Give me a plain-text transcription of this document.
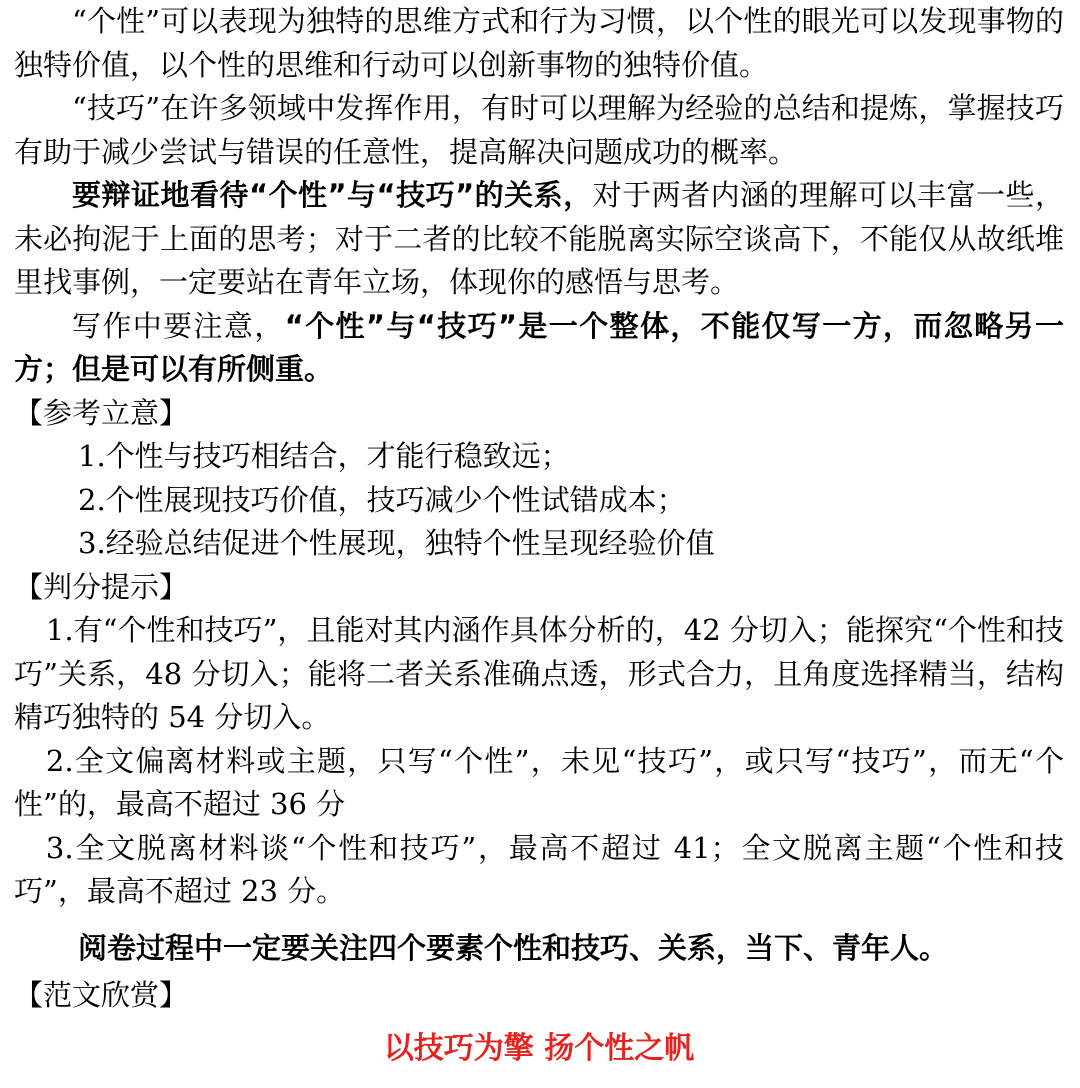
“个性”可以表现为独特的思维方式和行为习惯，以个性的眼光可以发现事物的独特价值，以个性的思维和行动可以创新事物的独特价值。

“技巧”在许多领域中发挥作用，有时可以理解为经验的总结和提炼，掌握技巧有助于减少尝试与错误的任意性，提高解决问题成功的概率。

要辩证地看待“个性”与“技巧”的关系，对于两者内涵的理解可以丰富一些，未必拘泥于上面的思考；对于二者的比较不能脱离实际空谈高下，不能仅从故纸堆里找事例，一定要站在青年立场，体现你的感悟与思考。

写作中要注意，“个性”与“技巧”是一个整体，不能仅写一方，而忽略另一方；但是可以有所侧重。

【参考立意】

1.个性与技巧相结合，才能行稳致远；

2.个性展现技巧价值，技巧减少个性试错成本；

3.经验总结促进个性展现，独特个性呈现经验价值

【判分提示】

1.有“个性和技巧”，且能对其内涵作具体分析的，42 分切入；能探究“个性和技巧”关系，48 分切入；能将二者关系准确点透，形式合力，且角度选择精当，结构精巧独特的 54 分切入。

2.全文偏离材料或主题，只写“个性”，未见“技巧”，或只写“技巧”，而无“个性”的，最高不超过 36 分

3.全文脱离材料谈“个性和技巧”，最高不超过 41；全文脱离主题“个性和技巧”，最高不超过 23 分。

阅卷过程中一定要关注四个要素个性和技巧、关系，当下、青年人。

【范文欣赏】

以技巧为擎 扬个性之帆
